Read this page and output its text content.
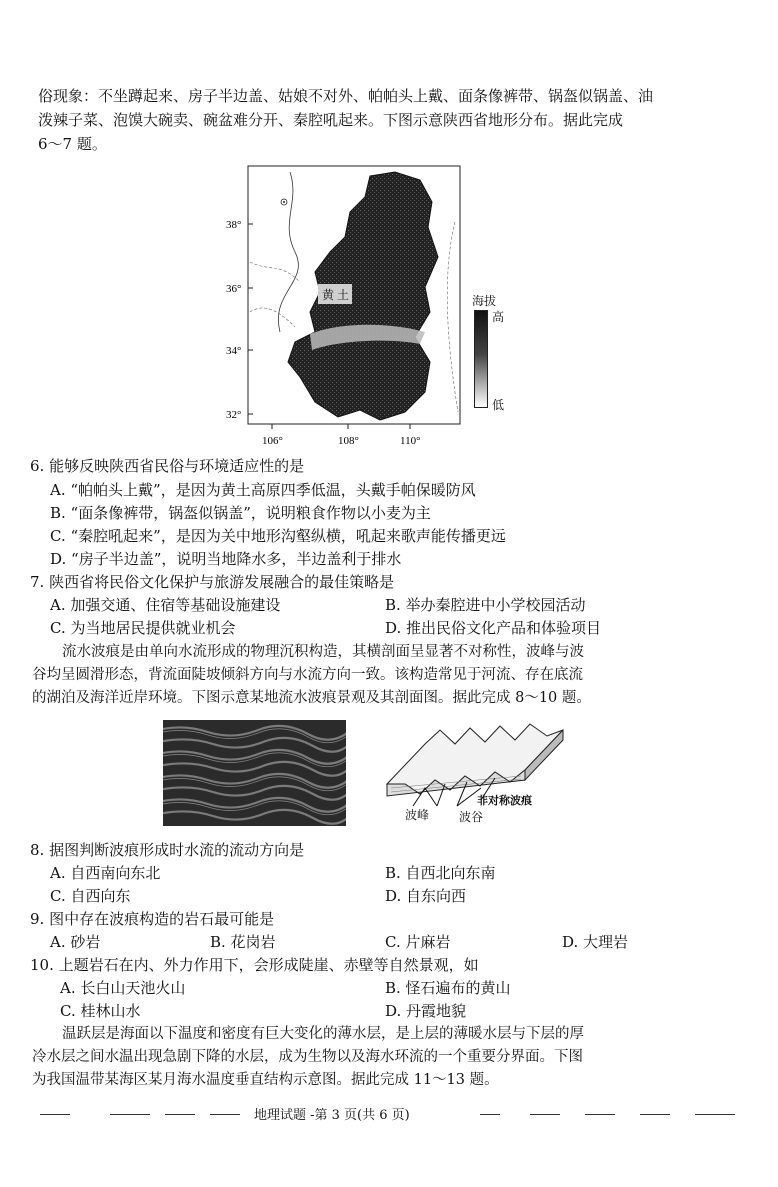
俗现象：不坐蹲起来、房子半边盖、姑娘不对外、帕帕头上戴、面条像裤带、锅盔似锅盖、油
泼辣子菜、泡馍大碗卖、碗盆难分开、秦腔吼起来。下图示意陕西省地形分布。据此完成
6～7 题。
黄 土
38°
36°
34°
32°
106°	108°	110°
海拔
高
低
6. 能够反映陕西省民俗与环境适应性的是
A. “帕帕头上戴”，是因为黄土高原四季低温，头戴手帕保暖防风
B. “面条像裤带，锅盔似锅盖”，说明粮食作物以小麦为主
C. “秦腔吼起来”，是因为关中地形沟壑纵横，吼起来歌声能传播更远
D. “房子半边盖”，说明当地降水多，半边盖利于排水
7. 陕西省将民俗文化保护与旅游发展融合的最佳策略是
A. 加强交通、住宿等基础设施建设	B. 举办秦腔进中小学校园活动
C. 为当地居民提供就业机会	D. 推出民俗文化产品和体验项目
流水波痕是由单向水流形成的物理沉积构造，其横剖面呈显著不对称性，波峰与波
谷均呈圆滑形态，背流面陡坡倾斜方向与水流方向一致。该构造常见于河流、存在底流
的湖泊及海洋近岸环境。下图示意某地流水波痕景观及其剖面图。据此完成 8～10 题。
非对称波痕
波峰 波谷
8. 据图判断波痕形成时水流的流动方向是
A. 自西南向东北	B. 自西北向东南
C. 自西向东	D. 自东向西
9. 图中存在波痕构造的岩石最可能是
A. 砂岩	B. 花岗岩	C. 片麻岩	D. 大理岩
10. 上题岩石在内、外力作用下，会形成陡崖、赤壁等自然景观，如
A. 长白山天池火山	B. 怪石遍布的黄山
C. 桂林山水	D. 丹霞地貌
温跃层是海面以下温度和密度有巨大变化的薄水层，是上层的薄暖水层与下层的厚
冷水层之间水温出现急剧下降的水层，成为生物以及海水环流的一个重要分界面。下图
为我国温带某海区某月海水温度垂直结构示意图。据此完成 11～13 题。
地理试题 -第 3 页(共 6 页)
